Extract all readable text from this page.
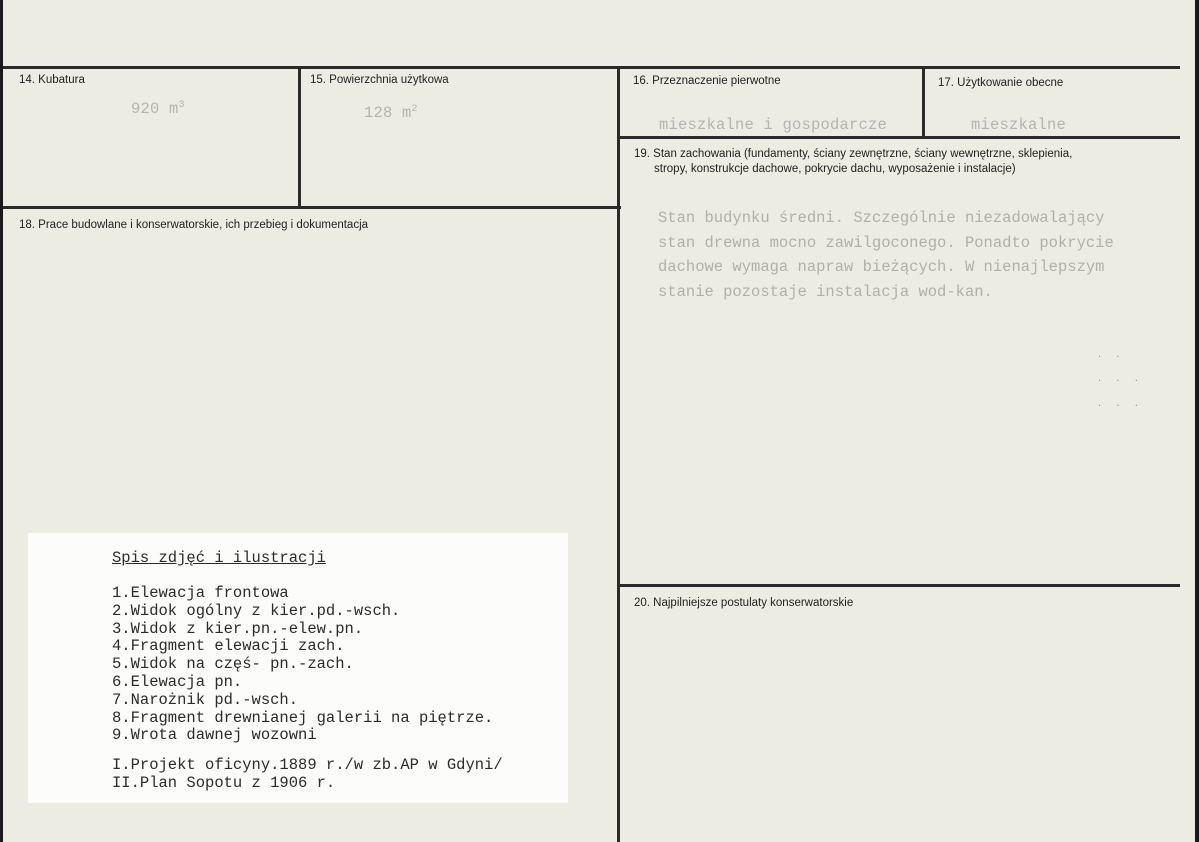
14. Kubatura
920 $m^3$
15. Powierzchnia użytkowa
128 $m^2$
16. Przeznaczenie pierwotne
mieszkalne i gospodarcze
17. Użytkowanie obecne
mieszkalne
18. Prace budowlane i konserwatorskie, ich przebieg i dokumentacja
19. Stan zachowania (fundamenty, ściany zewnętrzne, ściany wewnętrzne, sklepienia,
stropy, konstrukcje dachowe, pokrycie dachu, wyposażenie i instalacje)
Stan budynku średni. Szczególnie niezadowalający
stan drewna mocno zawilgoconego. Ponadto pokrycie
dachowe wymaga napraw bieżących. W nienajlepszym
stanie pozostaje instalacja wod-kan.
· ·
· · ·
· · ·
20. Najpilniejsze postulaty konserwatorskie
Spis zdjęć i ilustracji
1.Elewacja frontowa
2.Widok ogólny z kier.pd.-wsch.
3.Widok z kier.pn.-elew.pn.
4.Fragment elewacji zach.
5.Widok na częś- pn.-zach.
6.Elewacja pn.
7.Narożnik pd.-wsch.
8.Fragment drewnianej galerii na piętrze.
9.Wrota dawnej wozowni
I.Projekt oficyny.1889 r./w zb.AP w Gdyni/
II.Plan Sopotu z 1906 r.
